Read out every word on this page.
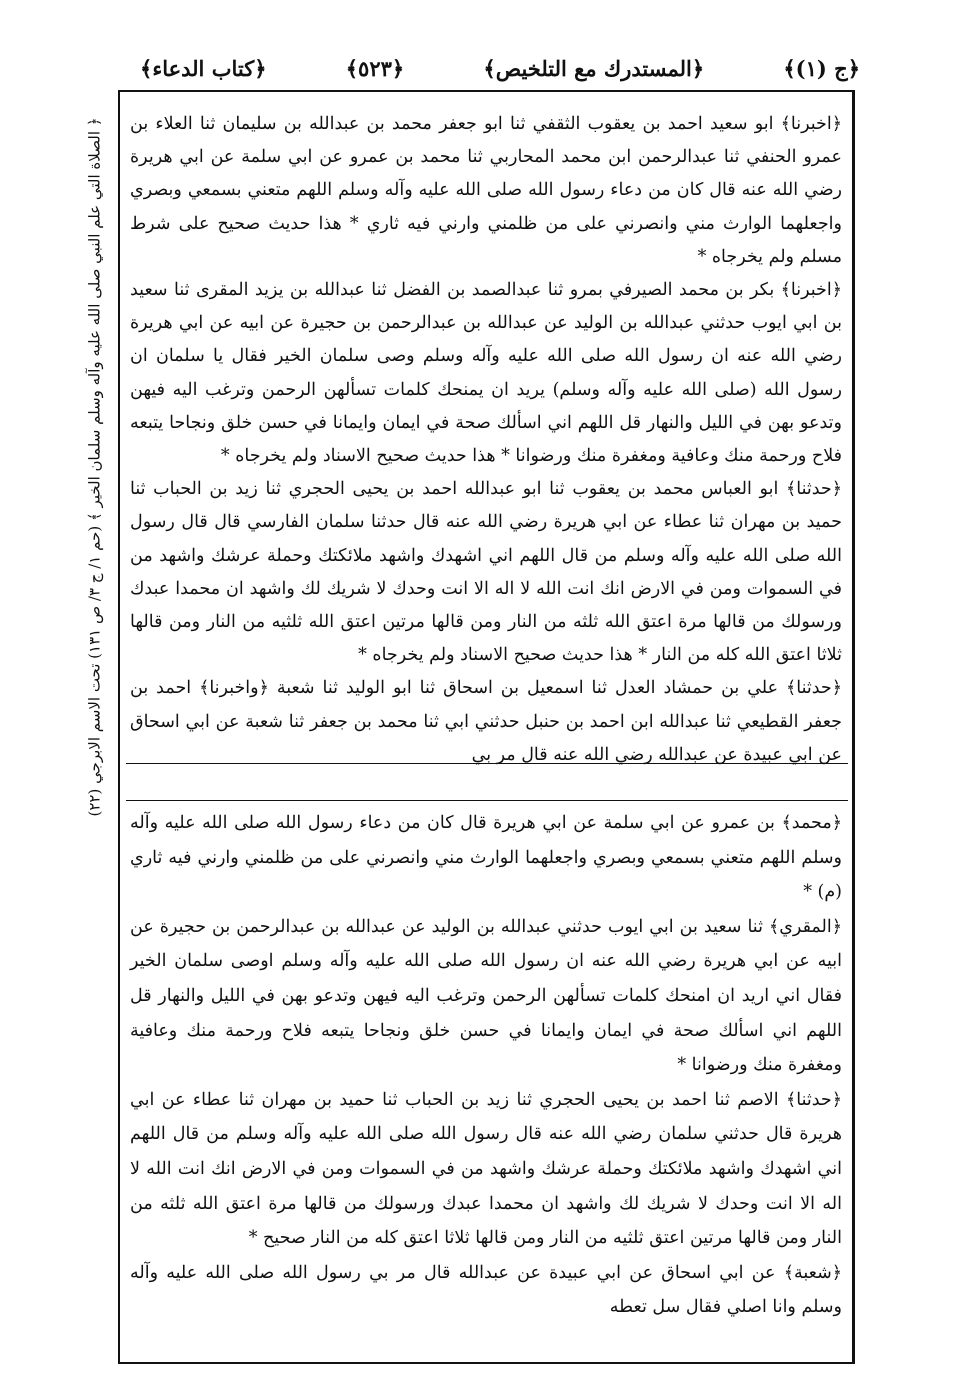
﴿ج (١)﴾
﴿المستدرك مع التلخيص﴾
﴿٥٢٣﴾
﴿كتاب الدعاء﴾
﴿ الصلاة التي علم النبي صلى الله عليه وآله وسلم سلمان الخير ﴾ (حم ١/ ج ٣/ ص ١٣١) تحت الاسم الابرجي (٢٢) ﴿اخبرنا﴾ ابو سعيد احمد بن يعقوب الثقفي ثنا ابو جعفر محمد بن عبدالله بن سليمان ثنا العلاء بن عمرو الحنفي ثنا عبدالرحمن ابن محمد المحاربي ثنا محمد بن عمرو عن ابي سلمة عن ابي هريرة رضي الله عنه قال كان من دعاء رسول الله صلى الله عليه وآله وسلم اللهم متعني بسمعي وبصري واجعلهما الوارث مني وانصرني على من ظلمني وارني فيه ثاري * هذا حديث صحيح على شرط مسلم ولم يخرجاه *

﴿اخبرنا﴾ بكر بن محمد الصيرفي بمرو ثنا عبدالصمد بن الفضل ثنا عبدالله بن يزيد المقرى ثنا سعيد بن ابي ايوب حدثني عبدالله بن الوليد عن عبدالله بن عبدالرحمن بن حجيرة عن ابيه عن ابي هريرة رضي الله عنه ان رسول الله صلى الله عليه وآله وسلم وصى سلمان الخير فقال يا سلمان ان رسول الله (صلى الله عليه وآله وسلم) يريد ان يمنحك كلمات تسألهن الرحمن وترغب اليه فيهن وتدعو بهن في الليل والنهار قل اللهم اني اسألك صحة في ايمان وايمانا في حسن خلق ونجاحا يتبعه فلاح ورحمة منك وعافية ومغفرة منك ورضوانا * هذا حديث صحيح الاسناد ولم يخرجاه *

﴿حدثنا﴾ ابو العباس محمد بن يعقوب ثنا ابو عبدالله احمد بن يحيى الحجري ثنا زيد بن الحباب ثنا حميد بن مهران ثنا عطاء عن ابي هريرة رضي الله عنه قال حدثنا سلمان الفارسي قال قال رسول الله صلى الله عليه وآله وسلم من قال اللهم اني اشهدك واشهد ملائكتك وحملة عرشك واشهد من في السموات ومن في الارض انك انت الله لا اله الا انت وحدك لا شريك لك واشهد ان محمدا عبدك ورسولك من قالها مرة اعتق الله ثلثه من النار ومن قالها مرتين اعتق الله ثلثيه من النار ومن قالها ثلاثا اعتق الله كله من النار * هذا حديث صحيح الاسناد ولم يخرجاه *

﴿حدثنا﴾ علي بن حمشاد العدل ثنا اسمعيل بن اسحاق ثنا ابو الوليد ثنا شعبة ﴿واخبرنا﴾ احمد بن جعفر القطيعي ثنا عبدالله ابن احمد بن حنبل حدثني ابي ثنا محمد بن جعفر ثنا شعبة عن ابي اسحاق عن ابي عبيدة عن عبدالله رضي الله عنه قال مر بي

﴿محمد﴾ بن عمرو عن ابي سلمة عن ابي هريرة قال كان من دعاء رسول الله صلى الله عليه وآله وسلم اللهم متعني بسمعي وبصري واجعلهما الوارث مني وانصرني على من ظلمني وارني فيه ثاري (م) *

﴿المقري﴾ ثنا سعيد بن ابي ايوب حدثني عبدالله بن الوليد عن عبدالله بن عبدالرحمن بن حجيرة عن ابيه عن ابي هريرة رضي الله عنه ان رسول الله صلى الله عليه وآله وسلم اوصى سلمان الخير فقال اني اريد ان امنحك كلمات تسألهن الرحمن وترغب اليه فيهن وتدعو بهن في الليل والنهار قل اللهم اني اسألك صحة في ايمان وايمانا في حسن خلق ونجاحا يتبعه فلاح ورحمة منك وعافية ومغفرة منك ورضوانا *

﴿حدثنا﴾ الاصم ثنا احمد بن يحيى الحجري ثنا زيد بن الحباب ثنا حميد بن مهران ثنا عطاء عن ابي هريرة قال حدثني سلمان رضي الله عنه قال رسول الله صلى الله عليه وآله وسلم من قال اللهم اني اشهدك واشهد ملائكتك وحملة عرشك واشهد من في السموات ومن في الارض انك انت الله لا اله الا انت وحدك لا شريك لك واشهد ان محمدا عبدك ورسولك من قالها مرة اعتق الله ثلثه من النار ومن قالها مرتين اعتق ثلثيه من النار ومن قالها ثلاثا اعتق كله من النار صحيح *

﴿شعبة﴾ عن ابي اسحاق عن ابي عبيدة عن عبدالله قال مر بي رسول الله صلى الله عليه وآله وسلم وانا اصلي فقال سل تعطه
